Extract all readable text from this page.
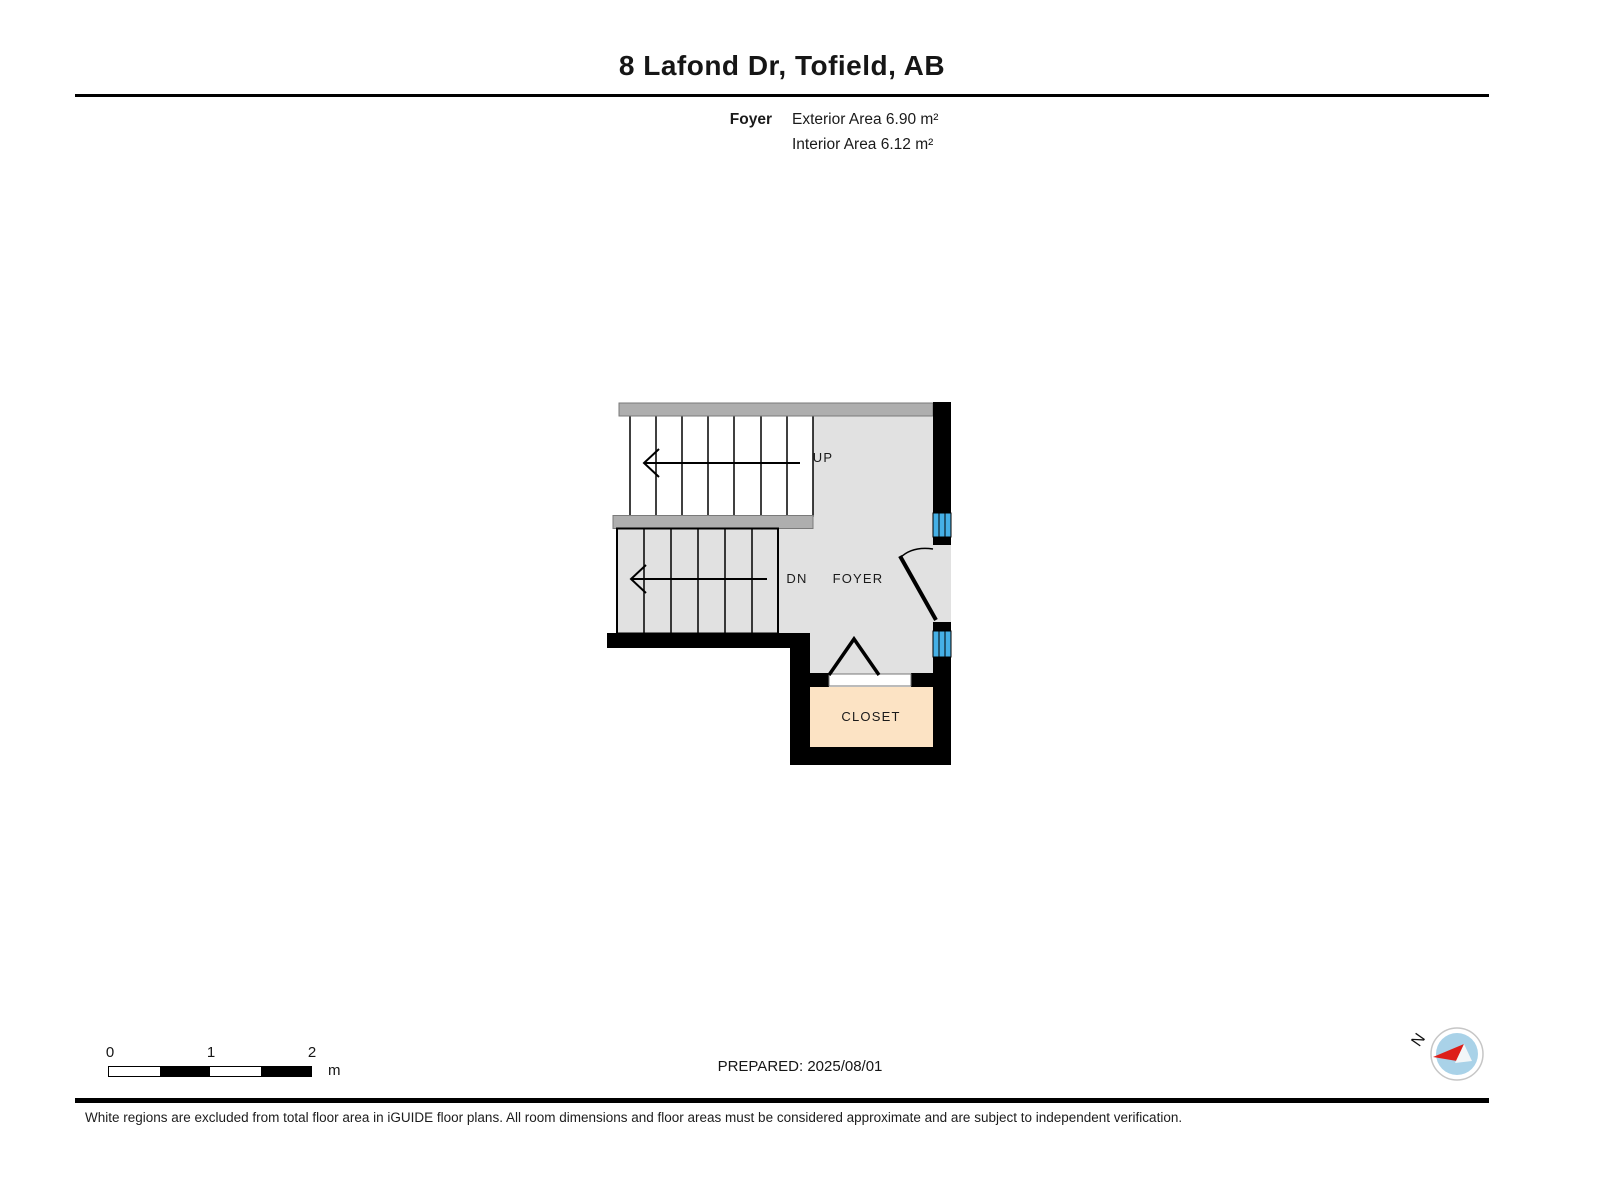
8 Lafond Dr, Tofield, AB
Foyer	Exterior Area 6.90 m²
Interior Area 6.12 m²
UP
DN FOYER
CLOSET
0	1	2
m	PREPARED: 2025/08/01
N
White regions are excluded from total floor area in iGUIDE floor plans. All room dimensions and floor areas must be considered approximate and are subject to independent verification.
